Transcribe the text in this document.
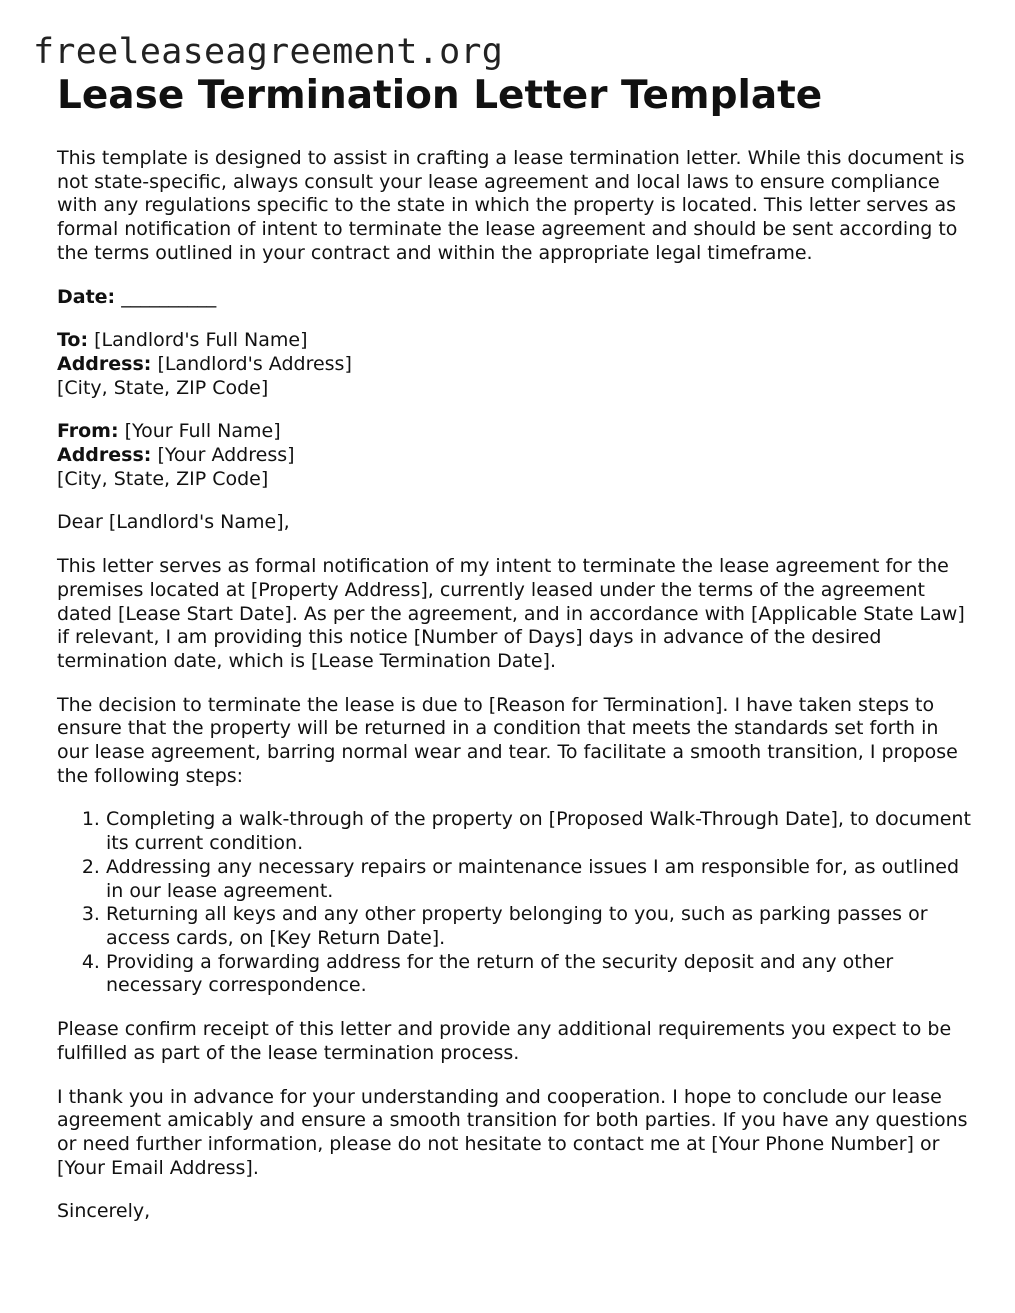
freeleaseagreement.org
Lease Termination Letter Template

This template is designed to assist in crafting a lease termination letter. While this document is not state-specific, always consult your lease agreement and local laws to ensure compliance with any regulations specific to the state in which the property is located. This letter serves as formal notification of intent to terminate the lease agreement and should be sent according to the terms outlined in your contract and within the appropriate legal timeframe.

Date: __________

To: [Landlord's Full Name]

Address: [Landlord's Address]

[City, State, ZIP Code]

From: [Your Full Name]

Address: [Your Address]

[City, State, ZIP Code]

Dear [Landlord's Name],

This letter serves as formal notification of my intent to terminate the lease agreement for the premises located at [Property Address], currently leased under the terms of the agreement dated [Lease Start Date]. As per the agreement, and in accordance with [Applicable State Law] if relevant, I am providing this notice [Number of Days] days in advance of the desired termination date, which is [Lease Termination Date].

The decision to terminate the lease is due to [Reason for Termination]. I have taken steps to ensure that the property will be returned in a condition that meets the standards set forth in our lease agreement, barring normal wear and tear. To facilitate a smooth transition, I propose the following steps:

1. Completing a walk-through of the property on [Proposed Walk-Through Date], to document its current condition.
2. Addressing any necessary repairs or maintenance issues I am responsible for, as outlined in our lease agreement.
3. Returning all keys and any other property belonging to you, such as parking passes or access cards, on [Key Return Date].
4. Providing a forwarding address for the return of the security deposit and any other necessary correspondence.

Please confirm receipt of this letter and provide any additional requirements you expect to be fulfilled as part of the lease termination process.

I thank you in advance for your understanding and cooperation. I hope to conclude our lease agreement amicably and ensure a smooth transition for both parties. If you have any questions or need further information, please do not hesitate to contact me at [Your Phone Number] or [Your Email Address].

Sincerely,
